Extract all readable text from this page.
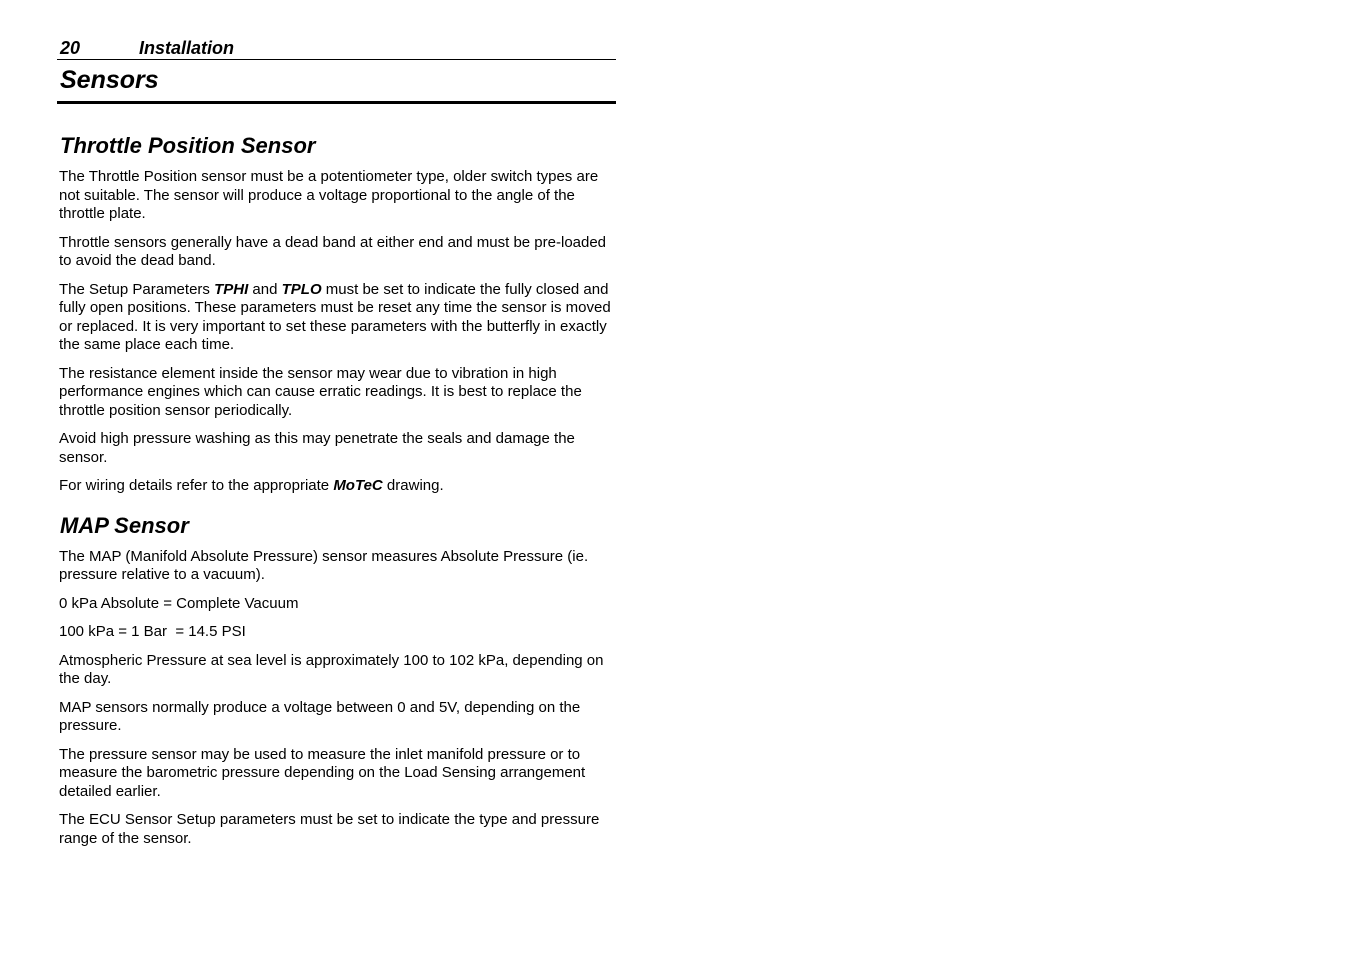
20	Installation
Sensors
Throttle Position Sensor

The Throttle Position sensor must be a potentiometer type, older switch types are not suitable. The sensor will produce a voltage proportional to the angle of the throttle plate.

Throttle sensors generally have a dead band at either end and must be pre-loaded to avoid the dead band.

The Setup Parameters TPHI and TPLO must be set to indicate the fully closed and fully open positions. These parameters must be reset any time the sensor is moved or replaced. It is very important to set these parameters with the butterfly in exactly the same place each time.

The resistance element inside the sensor may wear due to vibration in high performance engines which can cause erratic readings. It is best to replace the throttle position sensor periodically.

Avoid high pressure washing as this may penetrate the seals and damage the sensor.

For wiring details refer to the appropriate MoTeC drawing.

MAP Sensor

The MAP (Manifold Absolute Pressure) sensor measures Absolute Pressure (ie. pressure relative to a vacuum).

0 kPa Absolute = Complete Vacuum

100 kPa = 1 Bar  = 14.5 PSI

Atmospheric Pressure at sea level is approximately 100 to 102 kPa, depending on the day.

MAP sensors normally produce a voltage between 0 and 5V, depending on the pressure.

The pressure sensor may be used to measure the inlet manifold pressure or to measure the barometric pressure depending on the Load Sensing arrangement detailed earlier.

The ECU Sensor Setup parameters must be set to indicate the type and pressure range of the sensor.
